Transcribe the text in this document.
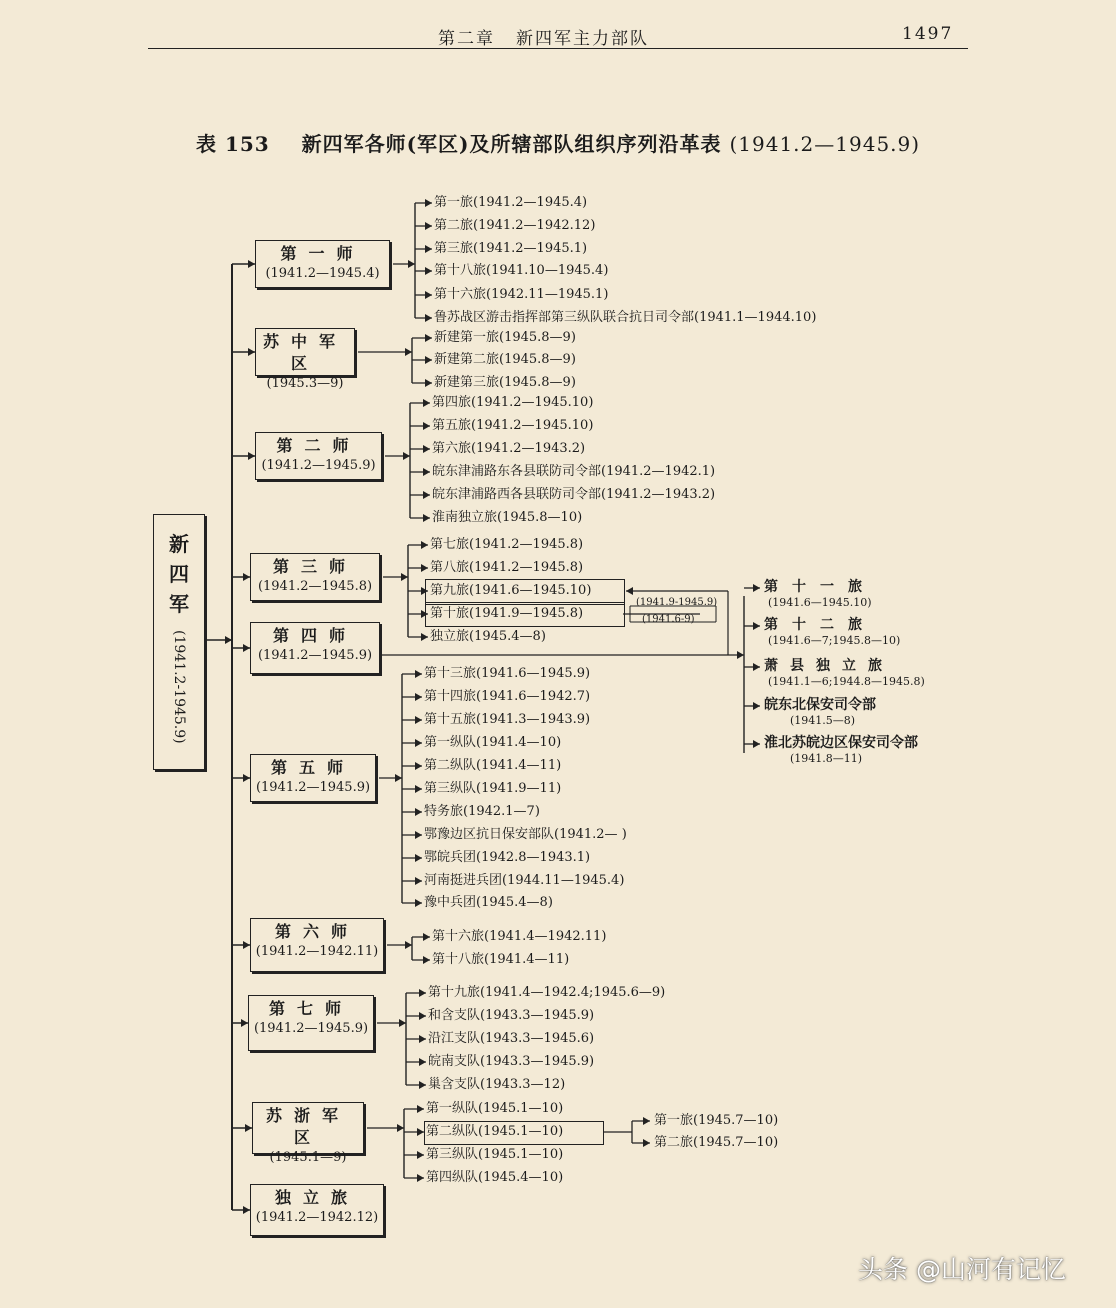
第二章 新四军主力部队	1497
表 153 新四军各师(军区)及所辖部队组织序列沿革表 (1941.2—1945.9)
新四军
(1941.2-1945.9)
第一师
(1941.2—1945.4)
苏中军区
(1945.3—9)
第二师
(1941.2—1945.9)
第三师
(1941.2—1945.8)
第四师
(1941.2—1945.9)
第五师
(1941.2—1945.9)
第六师
(1941.2—1942.11)
第七师
(1941.2—1945.9)
苏浙军区
(1945.1—9)
独立旅
(1941.2—1942.12)
第一旅(1941.2—1945.4)
第二旅(1941.2—1942.12)
第三旅(1941.2—1945.1)
第十八旅(1941.10—1945.4)
第十六旅(1942.11—1945.1)
鲁苏战区游击指挥部第三纵队联合抗日司令部(1941.1—1944.10)
新建第一旅(1945.8—9)
新建第二旅(1945.8—9)
新建第三旅(1945.8—9)
第四旅(1941.2—1945.10)
第五旅(1941.2—1945.10)
第六旅(1941.2—1943.2)
皖东津浦路东各县联防司令部(1941.2—1942.1)
皖东津浦路西各县联防司令部(1941.2—1943.2)
淮南独立旅(1945.8—10)
第七旅(1941.2—1945.8)
第八旅(1941.2—1945.8)
第九旅(1941.6—1945.10)
第十旅(1941.9—1945.8)
独立旅(1945.4—8)
第十三旅(1941.6—1945.9)
第十四旅(1941.6—1942.7)
第十五旅(1941.3—1943.9)
第一纵队(1941.4—10)
第二纵队(1941.4—11)
第三纵队(1941.9—11)
特务旅(1942.1—7)
鄂豫边区抗日保安部队(1941.2— )
鄂皖兵团(1942.8—1943.1)
河南挺进兵团(1944.11—1945.4)
豫中兵团(1945.4—8)
第十六旅(1941.4—1942.11)
第十八旅(1941.4—11)
第十九旅(1941.4—1942.4;1945.6—9)
和含支队(1943.3—1945.9)
沿江支队(1943.3—1945.6)
皖南支队(1943.3—1945.9)
巢含支队(1943.3—12)
第一纵队(1945.1—10)
第二纵队(1945.1—10)
第三纵队(1945.1—10)
第四纵队(1945.4—10)
第一旅(1945.7—10)
第二旅(1945.7—10)
第十一旅
(1941.6—1945.10)
第十二旅
(1941.6—7;1945.8—10)
萧县独立旅
(1941.1—6;1944.8—1945.8)
皖东北保安司令部
(1941.5—8)
淮北苏皖边区保安司令部
(1941.8—11)
(1941.9-1945.9)
(1941.6-9)
头条 @山河有记忆
